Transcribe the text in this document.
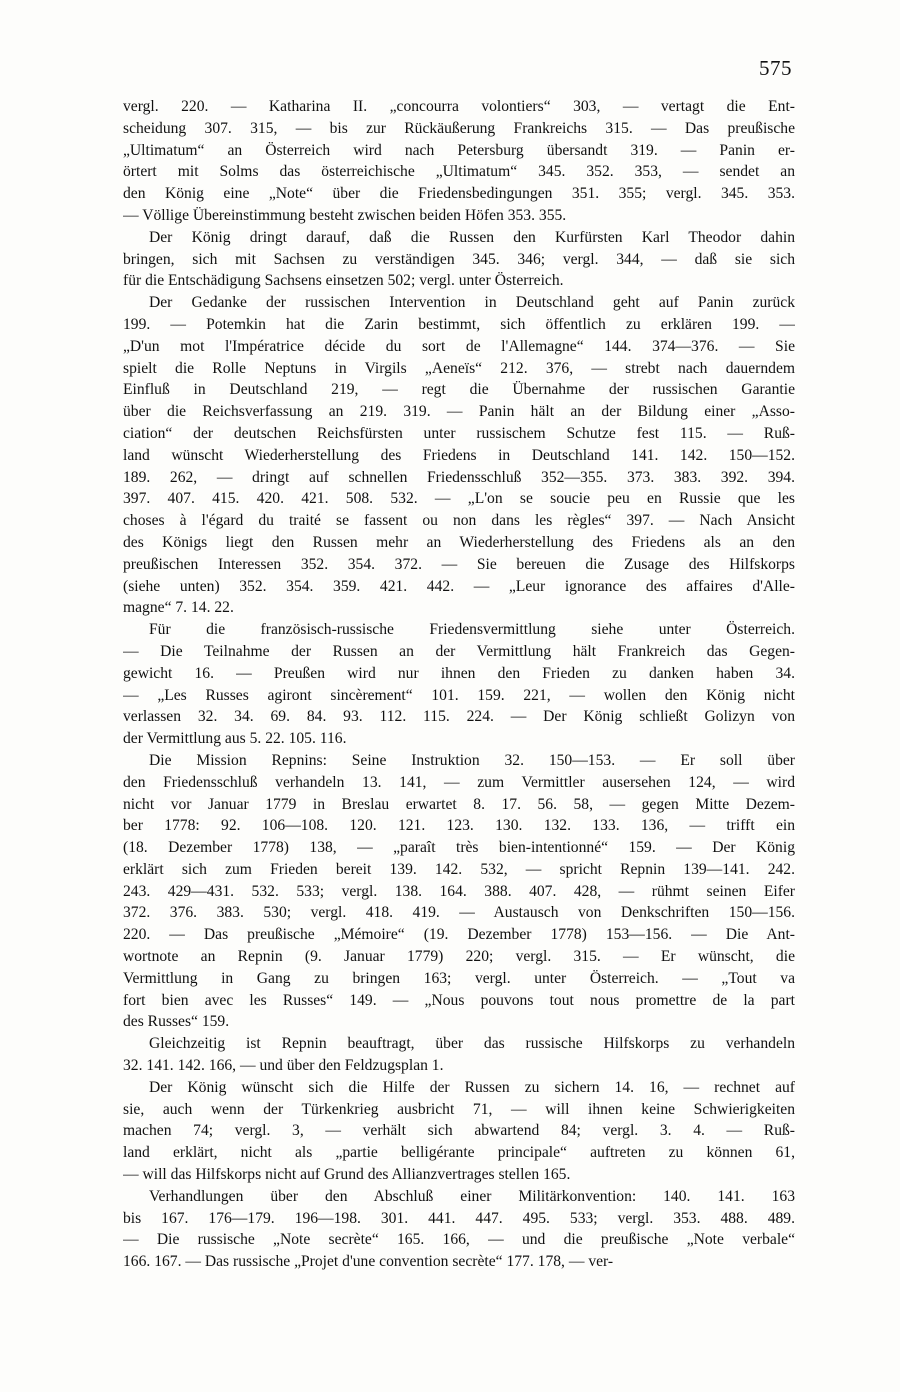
575
vergl. 220. — Katharina II. „concourra volontiers“ 303, — vertagt die Ent-
scheidung 307. 315, — bis zur Rückäußerung Frankreichs 315. — Das preußische
„Ultimatum“ an Österreich wird nach Petersburg übersandt 319. — Panin er-
örtert mit Solms das österreichische „Ultimatum“ 345. 352. 353, — sendet an
den König eine „Note“ über die Friedensbedingungen 351. 355; vergl. 345. 353.
— Völlige Übereinstimmung besteht zwischen beiden Höfen 353. 355.
Der König dringt darauf, daß die Russen den Kurfürsten Karl Theodor dahin
bringen, sich mit Sachsen zu verständigen 345. 346; vergl. 344, — daß sie sich
für die Entschädigung Sachsens einsetzen 502; vergl. unter Österreich.
Der Gedanke der russischen Intervention in Deutschland geht auf Panin zurück
199. — Potemkin hat die Zarin bestimmt, sich öffentlich zu erklären 199. —
„D'un mot l'Impératrice décide du sort de l'Allemagne“ 144. 374—376. — Sie
spielt die Rolle Neptuns in Virgils „Aeneïs“ 212. 376, — strebt nach dauerndem
Einfluß in Deutschland 219, — regt die Übernahme der russischen Garantie
über die Reichsverfassung an 219. 319. — Panin hält an der Bildung einer „Asso-
ciation“ der deutschen Reichsfürsten unter russischem Schutze fest 115. — Ruß-
land wünscht Wiederherstellung des Friedens in Deutschland 141. 142. 150—152.
189. 262, — dringt auf schnellen Friedensschluß 352—355. 373. 383. 392. 394.
397. 407. 415. 420. 421. 508. 532. — „L'on se soucie peu en Russie que les
choses à l'égard du traité se fassent ou non dans les règles“ 397. — Nach Ansicht
des Königs liegt den Russen mehr an Wiederherstellung des Friedens als an den
preußischen Interessen 352. 354. 372. — Sie bereuen die Zusage des Hilfskorps
(siehe unten) 352. 354. 359. 421. 442. — „Leur ignorance des affaires d'Alle-
magne“ 7. 14. 22.
Für die französisch-russische Friedensvermittlung siehe unter Österreich.
— Die Teilnahme der Russen an der Vermittlung hält Frankreich das Gegen-
gewicht 16. — Preußen wird nur ihnen den Frieden zu danken haben 34.
— „Les Russes agiront sincèrement“ 101. 159. 221, — wollen den König nicht
verlassen 32. 34. 69. 84. 93. 112. 115. 224. — Der König schließt Golizyn von
der Vermittlung aus 5. 22. 105. 116.
Die Mission Repnins: Seine Instruktion 32. 150—153. — Er soll über
den Friedensschluß verhandeln 13. 141, — zum Vermittler ausersehen 124, — wird
nicht vor Januar 1779 in Breslau erwartet 8. 17. 56. 58, — gegen Mitte Dezem-
ber 1778: 92. 106—108. 120. 121. 123. 130. 132. 133. 136, — trifft ein
(18. Dezember 1778) 138, — „paraît très bien-intentionné“ 159. — Der König
erklärt sich zum Frieden bereit 139. 142. 532, — spricht Repnin 139—141. 242.
243. 429—431. 532. 533; vergl. 138. 164. 388. 407. 428, — rühmt seinen Eifer
372. 376. 383. 530; vergl. 418. 419. — Austausch von Denkschriften 150—156.
220. — Das preußische „Mémoire“ (19. Dezember 1778) 153—156. — Die Ant-
wortnote an Repnin (9. Januar 1779) 220; vergl. 315. — Er wünscht, die
Vermittlung in Gang zu bringen 163; vergl. unter Österreich. — „Tout va
fort bien avec les Russes“ 149. — „Nous pouvons tout nous promettre de la part
des Russes“ 159.
Gleichzeitig ist Repnin beauftragt, über das russische Hilfskorps zu verhandeln
32. 141. 142. 166, — und über den Feldzugsplan 1.
Der König wünscht sich die Hilfe der Russen zu sichern 14. 16, — rechnet auf
sie, auch wenn der Türkenkrieg ausbricht 71, — will ihnen keine Schwierigkeiten
machen 74; vergl. 3, — verhält sich abwartend 84; vergl. 3. 4. — Ruß-
land erklärt, nicht als „partie belligérante principale“ auftreten zu können 61,
— will das Hilfskorps nicht auf Grund des Allianzvertrages stellen 165.
Verhandlungen über den Abschluß einer Militärkonvention: 140. 141. 163
bis 167. 176—179. 196—198. 301. 441. 447. 495. 533; vergl. 353. 488. 489.
— Die russische „Note secrète“ 165. 166, — und die preußische „Note verbale“
166. 167. — Das russische „Projet d'une convention secrète“ 177. 178, — ver-
